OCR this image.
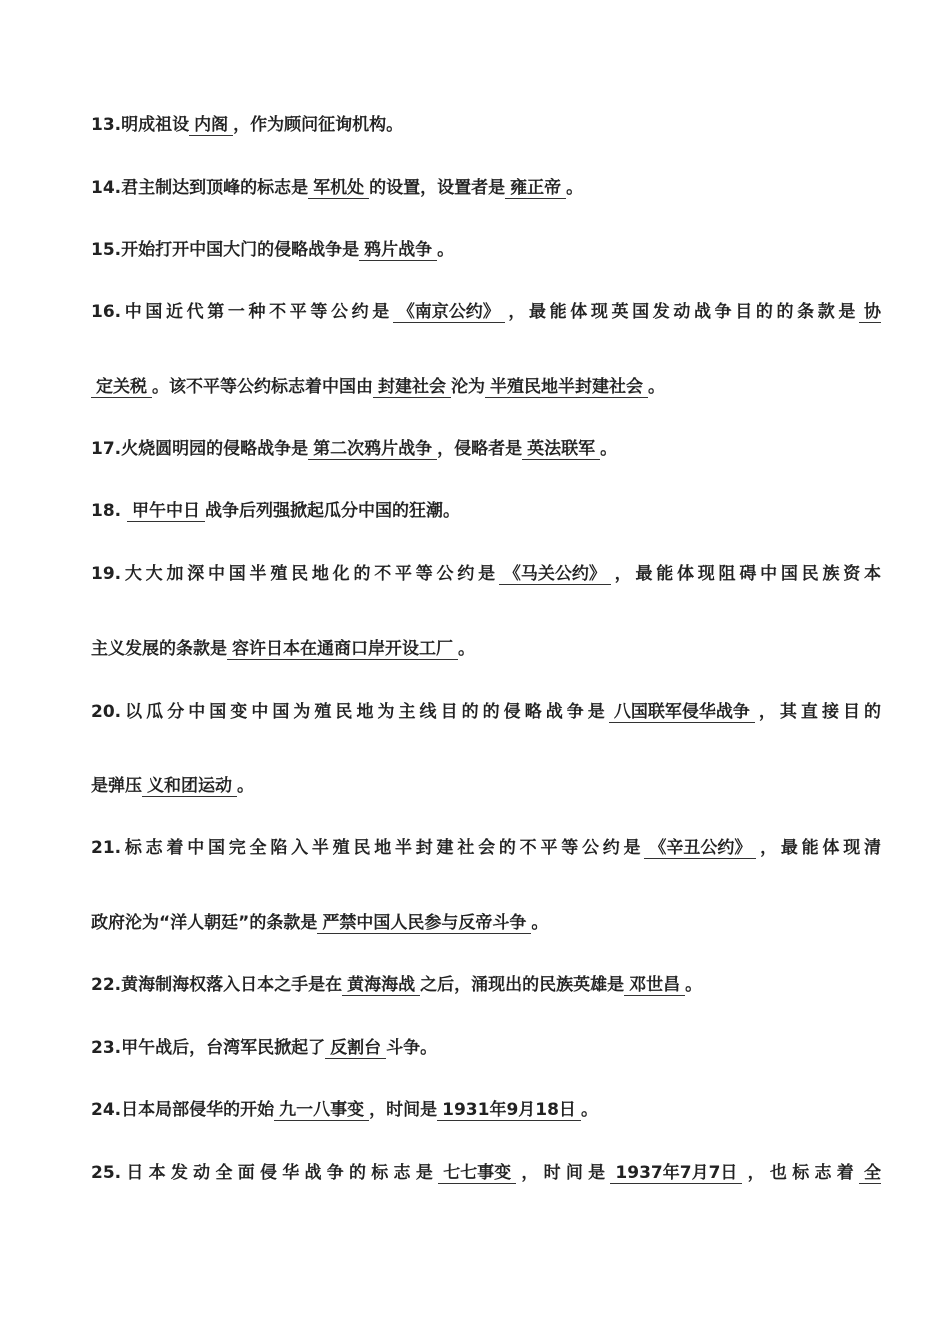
13.明成祖设 内阁 ，作为顾问征询机构。
14.君主制达到顶峰的标志是 军机处 的设置，设置者是 雍正帝 。
15.开始打开中国大门的侵略战争是 鸦片战争 。
16.中国近代第一种不平等公约是 《南京公约》 ，最能体现英国发动战争目的的条款是 协
定关税 。该不平等公约标志着中国由 封建社会 沦为 半殖民地半封建社会 。
17.火烧圆明园的侵略战争是 第二次鸦片战争 ，侵略者是 英法联军 。
18. 甲午中日 战争后列强掀起瓜分中国的狂潮。
19.大大加深中国半殖民地化的不平等公约是 《马关公约》 ，最能体现阻碍中国民族资本
主义发展的条款是 容许日本在通商口岸开设工厂 。
20.以瓜分中国变中国为殖民地为主线目的的侵略战争是 八国联军侵华战争 ，其直接目的
是弹压 义和团运动 。
21.标志着中国完全陷入半殖民地半封建社会的不平等公约是 《辛丑公约》 ，最能体现清
政府沦为“洋人朝廷”的条款是 严禁中国人民参与反帝斗争 。
22.黄海制海权落入日本之手是在 黄海海战 之后，涌现出的民族英雄是 邓世昌 。
23.甲午战后，台湾军民掀起了 反割台 斗争。
24.日本局部侵华的开始 九一八事变 ，时间是 1931年9月18日 。
25.日本发动全面侵华战争的标志是 七七事变 ，时间是 1937年7月7日 ，也标志着 全
